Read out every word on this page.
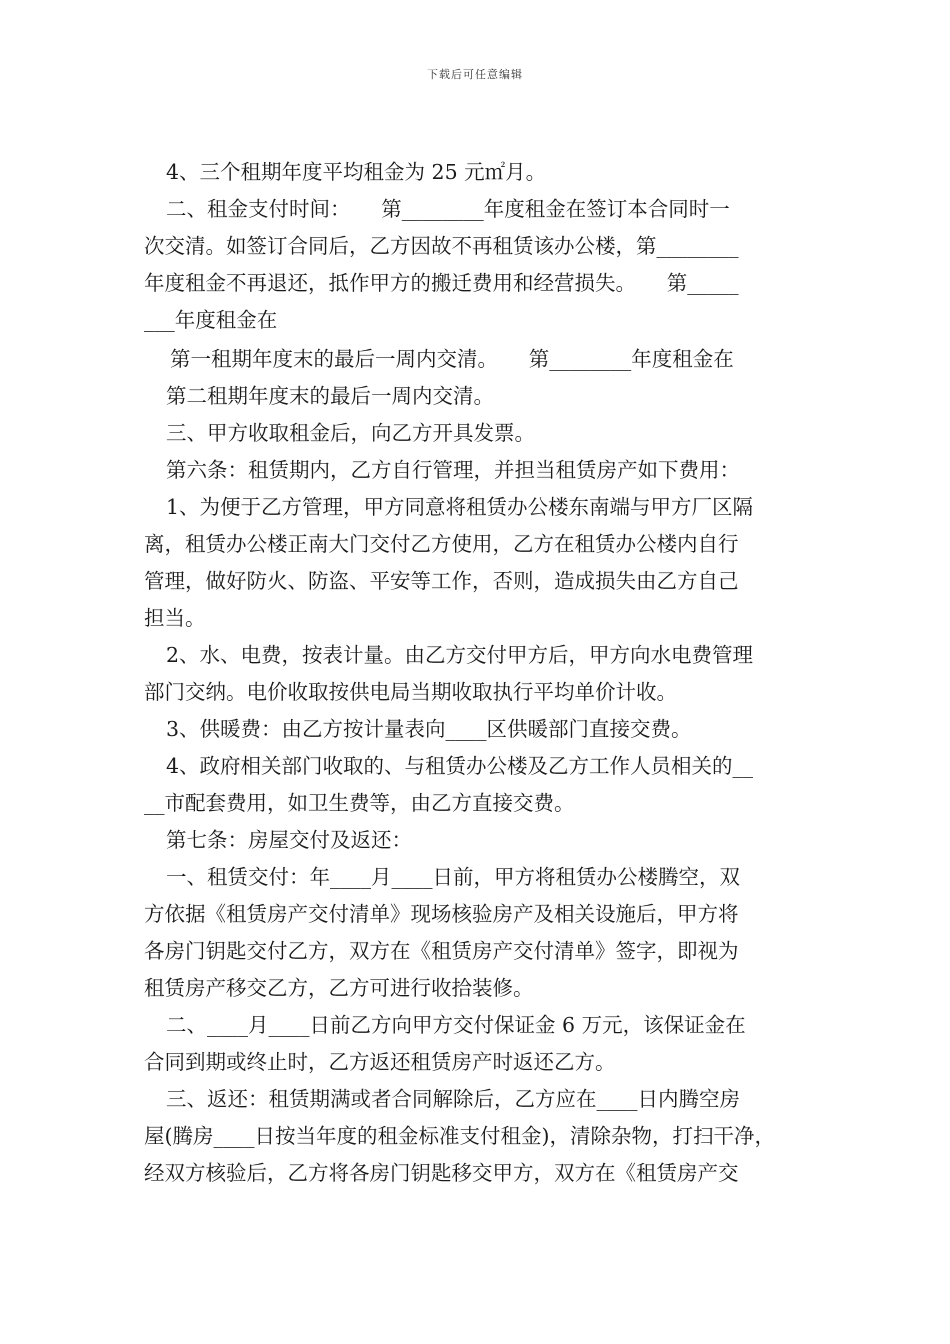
下载后可任意编辑
4、三个租期年度平均租金为 25 元㎡月。
二、租金支付时间：　　第________年度租金在签订本合同时一
次交清。如签订合同后，乙方因故不再租赁该办公楼，第________
年度租金不再退还，抵作甲方的搬迁费用和经营损失。　　第_____
___年度租金在
第一租期年度末的最后一周内交清。　　第________年度租金在
第二租期年度末的最后一周内交清。
三、甲方收取租金后，向乙方开具发票。
第六条：租赁期内，乙方自行管理，并担当租赁房产如下费用：
1、为便于乙方管理，甲方同意将租赁办公楼东南端与甲方厂区隔
离，租赁办公楼正南大门交付乙方使用，乙方在租赁办公楼内自行
管理，做好防火、防盗、平安等工作，否则，造成损失由乙方自己
担当。
2、水、电费，按表计量。由乙方交付甲方后，甲方向水电费管理
部门交纳。电价收取按供电局当期收取执行平均单价计收。
3、供暖费：由乙方按计量表向____区供暖部门直接交费。
4、政府相关部门收取的、与租赁办公楼及乙方工作人员相关的__
__市配套费用，如卫生费等，由乙方直接交费。
第七条：房屋交付及返还：
一、租赁交付：年____月____日前，甲方将租赁办公楼腾空，双
方依据《租赁房产交付清单》现场核验房产及相关设施后，甲方将
各房门钥匙交付乙方，双方在《租赁房产交付清单》签字，即视为
租赁房产移交乙方，乙方可进行收拾装修。
二、____月____日前乙方向甲方交付保证金 6 万元，该保证金在
合同到期或终止时，乙方返还租赁房产时返还乙方。
三、返还：租赁期满或者合同解除后，乙方应在____日内腾空房
屋(腾房____日按当年度的租金标准支付租金)，清除杂物，打扫干净，
经双方核验后，乙方将各房门钥匙移交甲方，双方在《租赁房产交
